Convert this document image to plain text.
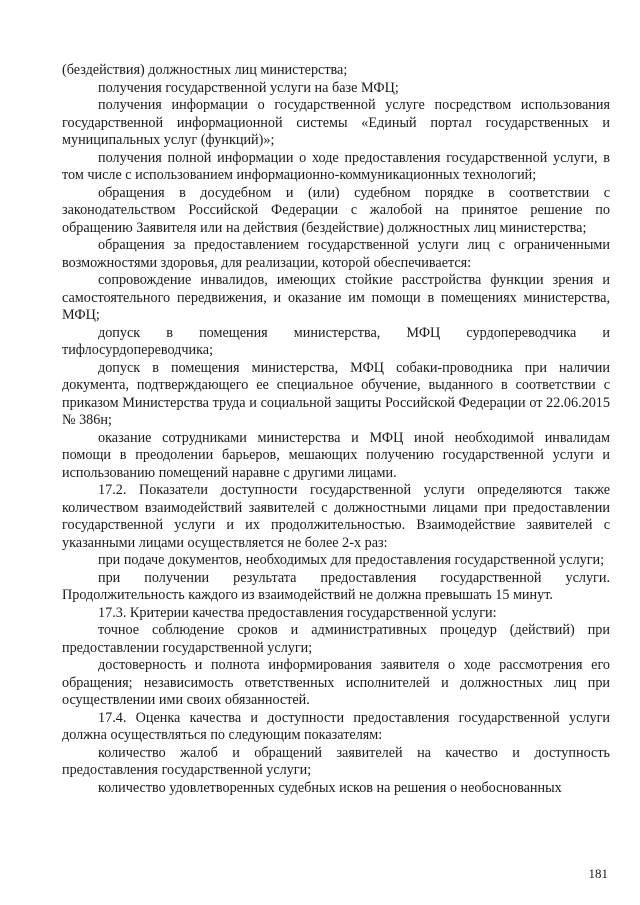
(бездействия) должностных лиц министерства;

получения государственной услуги на базе МФЦ;

получения информации о государственной услуге посредством использования государственной информационной системы «Единый портал государственных и муниципальных услуг (функций)»;

получения полной информации о ходе предоставления государственной услуги, в том числе с использованием информационно-коммуникационных технологий;

обращения в досудебном и (или) судебном порядке в соответствии с законодательством Российской Федерации с жалобой на принятое решение по обращению Заявителя или на действия (бездействие) должностных лиц министерства;

обращения за предоставлением государственной услуги лиц с ограниченными возможностями здоровья, для реализации, которой обеспечивается:

сопровождение инвалидов, имеющих стойкие расстройства функции зрения и самостоятельного передвижения, и оказание им помощи в помещениях министерства, МФЦ;

допуск в помещения министерства, МФЦ сурдопереводчика и тифлосурдопереводчика;

допуск в помещения министерства, МФЦ собаки-проводника при наличии документа, подтверждающего ее специальное обучение, выданного в соответствии с приказом Министерства труда и социальной защиты Российской Федерации от 22.06.2015 № 386н;

оказание сотрудниками министерства и МФЦ иной необходимой инвалидам помощи в преодолении барьеров, мешающих получению государственной услуги и использованию помещений наравне с другими лицами.

17.2. Показатели доступности государственной услуги определяются также количеством взаимодействий заявителей с должностными лицами при предоставлении государственной услуги и их продолжительностью. Взаимодействие заявителей с указанными лицами осуществляется не более 2-х раз:

при подаче документов, необходимых для предоставления государственной услуги;

при получении результата предоставления государственной услуги. Продолжительность каждого из взаимодействий не должна превышать 15 минут.

17.3. Критерии качества предоставления государственной услуги:

точное соблюдение сроков и административных процедур (действий) при предоставлении государственной услуги;

достоверность и полнота информирования заявителя о ходе рассмотрения его обращения; независимость ответственных исполнителей и должностных лиц при осуществлении ими своих обязанностей.

17.4. Оценка качества и доступности предоставления государственной услуги должна осуществляться по следующим показателям:

количество жалоб и обращений заявителей на качество и доступность предоставления государственной услуги;

количество удовлетворенных судебных исков на решения о необоснованных

181
